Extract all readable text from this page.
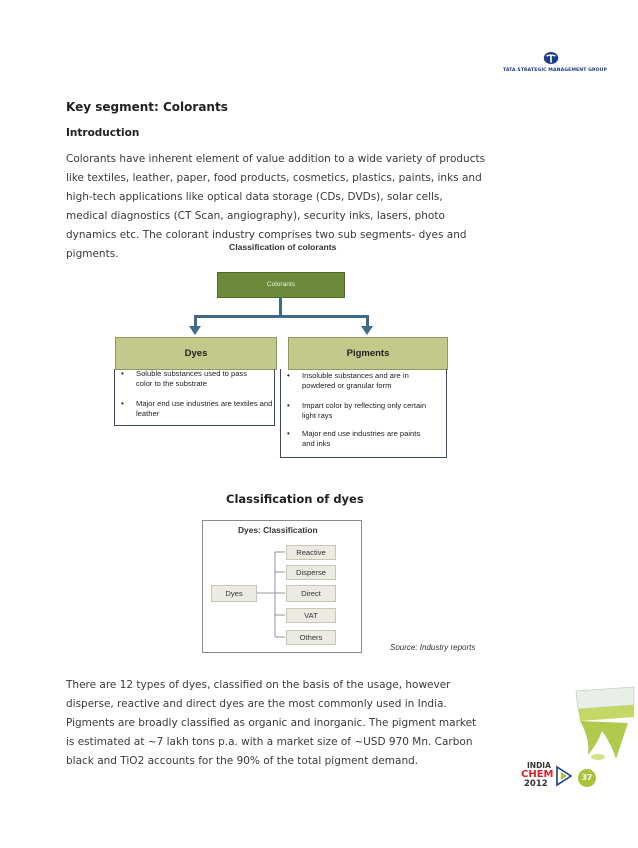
TATA STRATEGIC MANAGEMENT GROUP
Key segment: Colorants
Introduction
Colorants have inherent element of value addition to a wide variety of products like textiles, leather, paper, food products, cosmetics, plastics, paints, inks and high-tech applications like optical data storage (CDs, DVDs), solar cells, medical diagnostics (CT Scan, angiography), security inks, lasers, photo dynamics etc. The colorant industry comprises two sub segments- dyes and pigments.
Classification of colorants
Colorants
Dyes
• Soluble substances used to pass color to the substrate
• Major end use industries are textiles and leather
Pigments
• Insoluble substances and are in powdered or granular form
• Impart color by reflecting only certain light rays
• Major end use industries are paints and inks
Classification of dyes
Dyes: Classification
Dyes
Reactive
Disperse
Direct
VAT
Others
Source: Industry reports
There are 12 types of dyes, classified on the basis of the usage, however disperse, reactive and direct dyes are the most commonly used in India.
Pigments are broadly classified as organic and inorganic. The pigment market is estimated at ~7 lakh tons p.a. with a market size of ~USD 970 Mn. Carbon black and TiO2 accounts for the 90% of the total pigment demand.	INDIA
CHEM
2012
37
